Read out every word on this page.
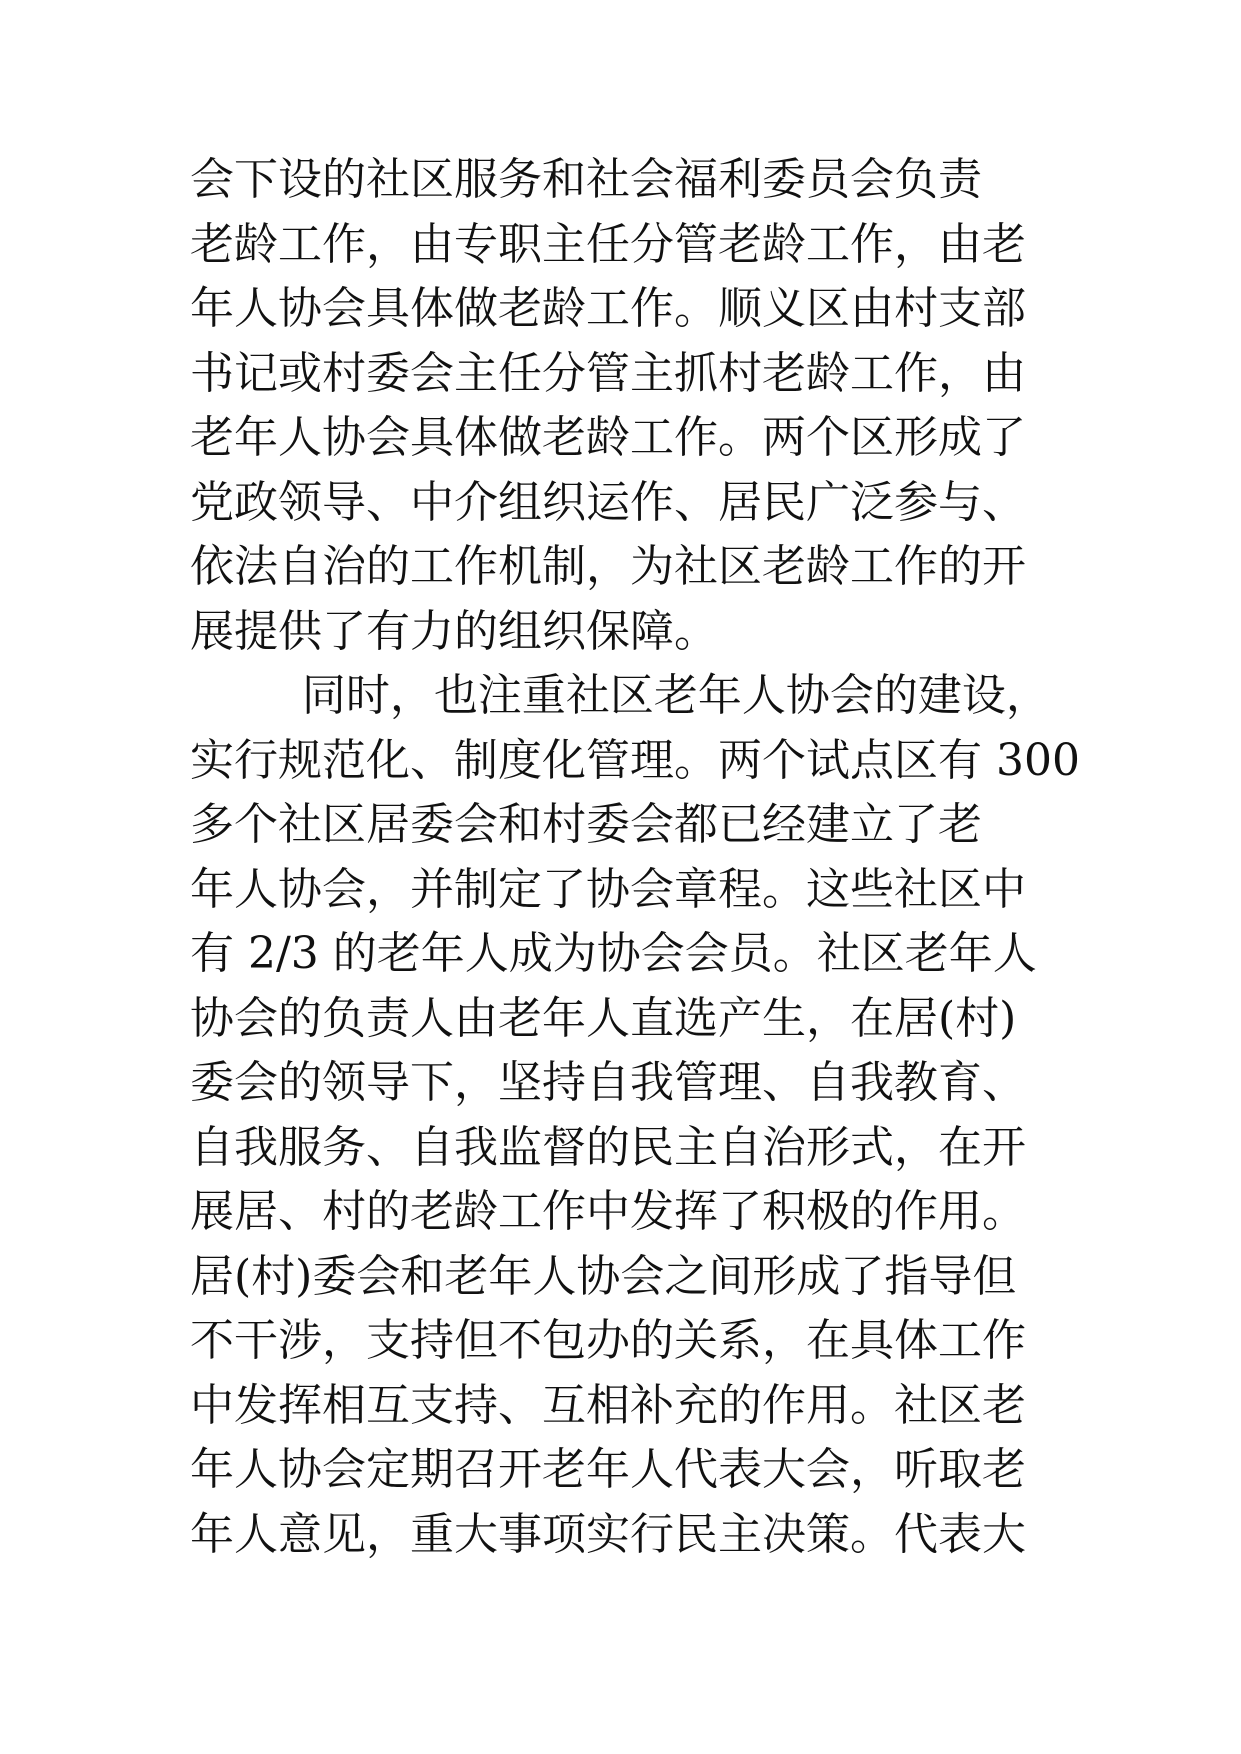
会下设的社区服务和社会福利委员会负责
老龄工作，由专职主任分管老龄工作，由老
年人协会具体做老龄工作。顺义区由村支部
书记或村委会主任分管主抓村老龄工作，由
老年人协会具体做老龄工作。两个区形成了
党政领导、中介组织运作、居民广泛参与、
依法自治的工作机制，为社区老龄工作的开
展提供了有力的组织保障。
同时，也注重社区老年人协会的建设，
实行规范化、制度化管理。两个试点区有 300
多个社区居委会和村委会都已经建立了老
年人协会，并制定了协会章程。这些社区中
有 2/3 的老年人成为协会会员。社区老年人
协会的负责人由老年人直选产生，在居(村)
委会的领导下，坚持自我管理、自我教育、
自我服务、自我监督的民主自治形式，在开
展居、村的老龄工作中发挥了积极的作用。
居(村)委会和老年人协会之间形成了指导但
不干涉，支持但不包办的关系，在具体工作
中发挥相互支持、互相补充的作用。社区老
年人协会定期召开老年人代表大会，听取老
年人意见，重大事项实行民主决策。代表大
